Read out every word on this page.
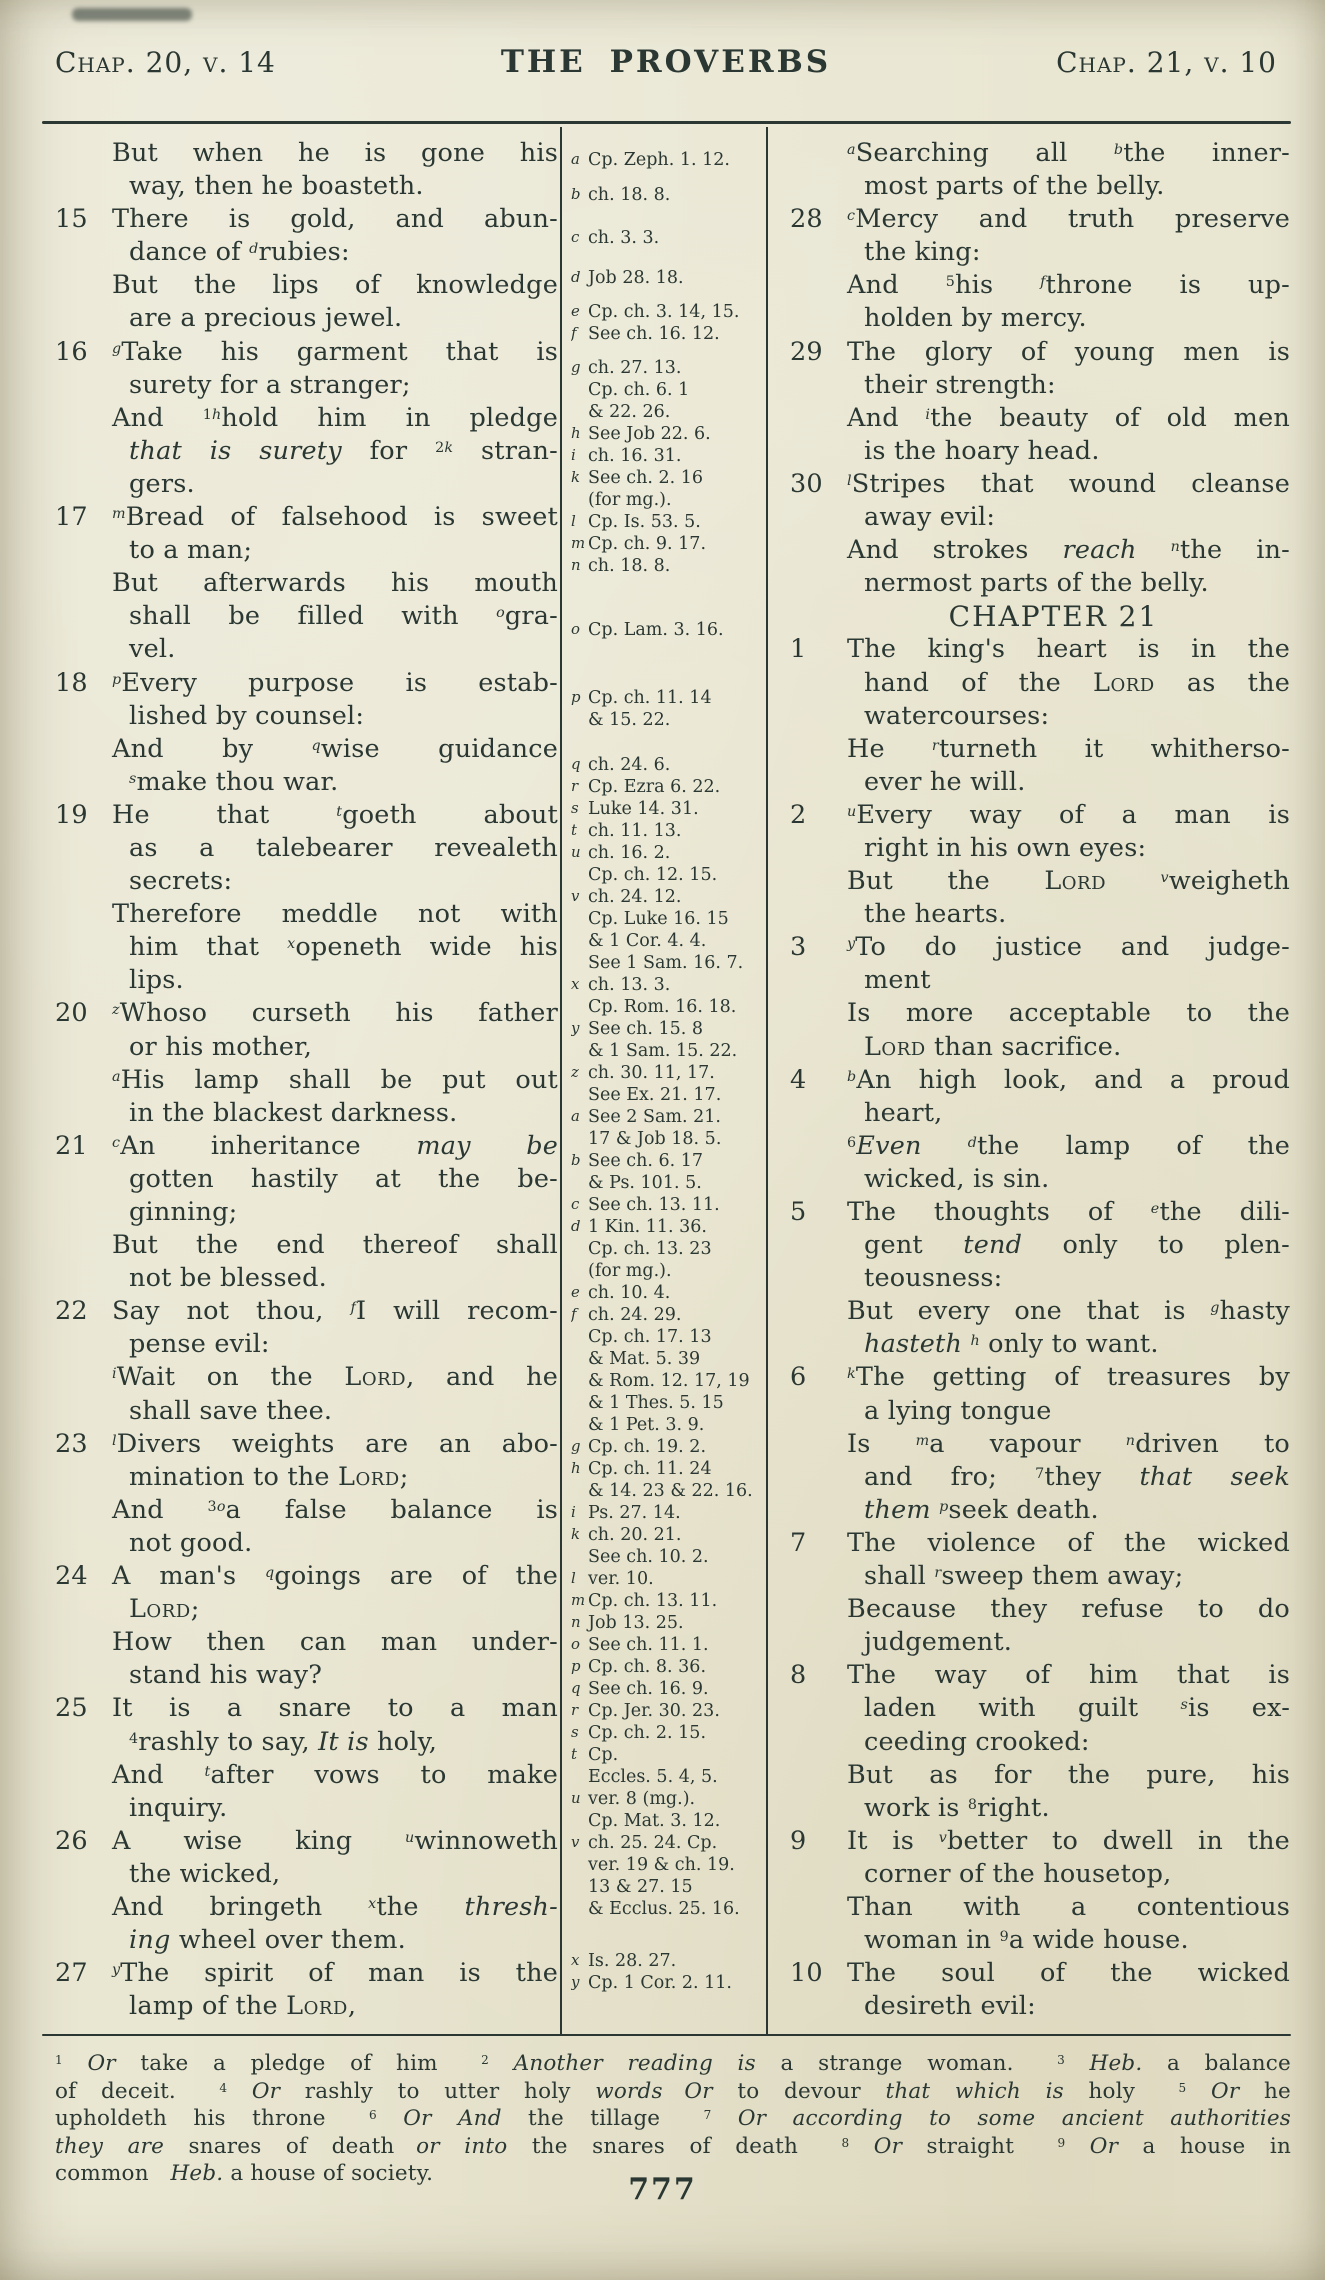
Chap. 20, v. 14	THE PROVERBS	Chap. 21, v. 10
But when he is gone his
way, then he boasteth.
15 There is gold, and abun-
dance of $^d$rubies:
But the lips of knowledge
are a precious jewel.
16	$^g$Take his garment that is
surety for a stranger;
And $^{1h}$hold him in pledge
that is surety for $^{2k}$ stran-
gers.
17	$^m$Bread of falsehood is sweet
to a man;
But afterwards his mouth
shall be filled with $^o$gra-
vel.
18	$^p$Every purpose is estab-
lished by counsel:
And by $^q$wise guidance
$^s$make thou war.
19 He that $^t$goeth about
as a talebearer revealeth
secrets:
Therefore meddle not with
him that $^x$openeth wide his
lips.
20	$^z$Whoso curseth his father
or his mother,
$^a$His lamp shall be put out
in the blackest darkness.
21	$^c$An inheritance may be
gotten hastily at the be-
ginning;
But the end thereof shall
not be blessed.
22 Say not thou, $^f$I will recom-
pense evil:
$^i$Wait on the Lord, and he
shall save thee.
23	$^l$Divers weights are an abo-
mination to the Lord;
And $^{3o}$a false balance is
not good.
24 A man's $^q$goings are of the
Lord;
How then can man under-
stand his way?
25 It is a snare to a man
$^4$rashly to say, It is holy,
And $^t$after vows to make
inquiry.
26 A wise king $^u$winnoweth
the wicked,
And bringeth $^x$the thresh-
ing wheel over them.
27	$^y$The spirit of man is the
lamp of the Lord,
a Cp. Zeph. 1. 12.
b ch. 18. 8.
c ch. 3. 3.
d Job 28. 18.
e Cp. ch. 3. 14, 15.
f See ch. 16. 12.
g ch. 27. 13.
Cp. ch. 6. 1
& 22. 26.
h See Job 22. 6.
i ch. 16. 31.
k See ch. 2. 16
(for mg.).
l Cp. Is. 53. 5.
m Cp. ch. 9. 17.
n ch. 18. 8.
o Cp. Lam. 3. 16.
p Cp. ch. 11. 14
& 15. 22.
q ch. 24. 6.
r Cp. Ezra 6. 22.
s Luke 14. 31.
t ch. 11. 13.
u ch. 16. 2.
Cp. ch. 12. 15.
v ch. 24. 12.
Cp. Luke 16. 15
& 1 Cor. 4. 4.
See 1 Sam. 16. 7.
x ch. 13. 3.
Cp. Rom. 16. 18.
y See ch. 15. 8
& 1 Sam. 15. 22.
z ch. 30. 11, 17.
See Ex. 21. 17.
a See 2 Sam. 21.
17 & Job 18. 5.
b See ch. 6. 17
& Ps. 101. 5.
c See ch. 13. 11.
d 1 Kin. 11. 36.
Cp. ch. 13. 23
(for mg.).
e ch. 10. 4.
f ch. 24. 29.
Cp. ch. 17. 13
& Mat. 5. 39
& Rom. 12. 17, 19
& 1 Thes. 5. 15
& 1 Pet. 3. 9.
g Cp. ch. 19. 2.
h Cp. ch. 11. 24
& 14. 23 & 22. 16.
i Ps. 27. 14.
k ch. 20. 21.
See ch. 10. 2.
l ver. 10.
m Cp. ch. 13. 11.
n Job 13. 25.
o See ch. 11. 1.
p Cp. ch. 8. 36.
q See ch. 16. 9.
r Cp. Jer. 30. 23.
s Cp. ch. 2. 15.
t Cp.
Eccles. 5. 4, 5.
u ver. 8 (mg.).
Cp. Mat. 3. 12.
v ch. 25. 24. Cp.
ver. 19 & ch. 19.
13 & 27. 15
& Ecclus. 25. 16.
x Is. 28. 27.
y Cp. 1 Cor. 2. 11.
$^a$Searching all $^b$the inner-
most parts of the belly.
28	$^c$Mercy and truth preserve
the king:
And $^5$his $^f$throne is up-
holden by mercy.
29 The glory of young men is
their strength:
And $^i$the beauty of old men
is the hoary head.
30	$^l$Stripes that wound cleanse
away evil:
And strokes reach $^n$the in-
nermost parts of the belly.
CHAPTER 21
1	The king's heart is in the
hand of the Lord as the
watercourses:
He $^r$turneth it whitherso-
ever he will.
2	$^u$Every way of a man is
right in his own eyes:
But the Lord	$^v$weigheth
the hearts.
3	$^y$To do justice and judge-
ment
Is more acceptable to the
Lord than sacrifice.
4	$^b$An high look, and a proud
heart,
$^6$Even	$^d$the lamp of the
wicked, is sin.
5	The thoughts of $^e$the dili-
gent tend only to plen-
teousness:
But every one that is $^g$hasty
hasteth $^h$ only to want.
6	$^k$The getting of treasures by
a lying tongue
Is $^m$a vapour $^n$driven to
and fro; $^7$they that seek
them $^p$seek death.
7	The violence of the wicked
shall $^r$sweep them away;
Because they refuse to do
judgement.
8	The way of him that is
laden with guilt $^s$is ex-
ceeding crooked:
But as for the pure, his
work is $^8$right.
9	It is $^v$better to dwell in the
corner of the housetop,
Than with a contentious
woman in $^9$a wide house.
10 The soul of the wicked
desireth evil:
$^1$ Or take a pledge of him  $^2$ Another reading is a strange woman.  $^3$ Heb. a balance
of deceit.  $^4$ Or rashly to utter holy words  Or to devour that which is holy  $^5$ Or he
upholdeth his throne  $^6$ Or And the tillage  $^7$ Or according to some ancient authorities
they are snares of death or into the snares of death  $^8$ Or straight  $^9$ Or a house in
common Heb. a house of society.	777
